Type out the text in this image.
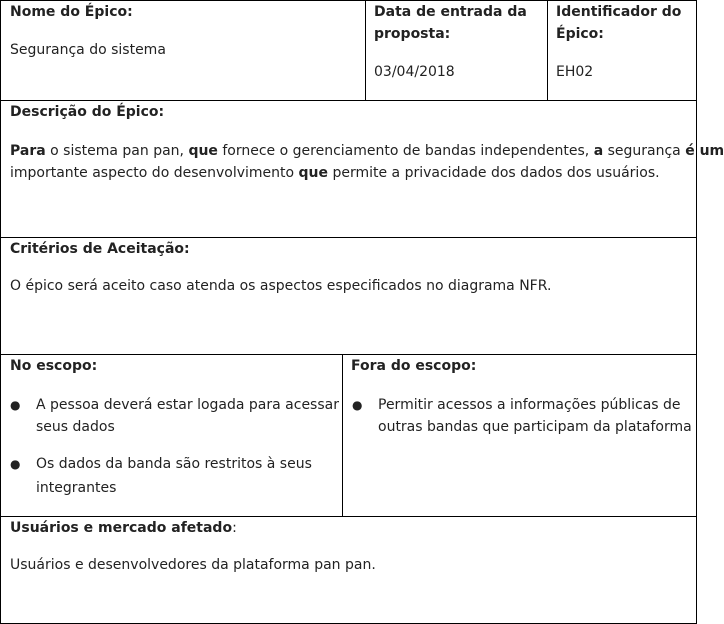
Nome do Épico:
Segurança do sistema
Data de entrada da
proposta:
03/04/2018
Identificador do
Épico:
EH02
Descrição do Épico:
Para o sistema pan pan, que fornece o gerenciamento de bandas independentes, a segurança é um
importante aspecto do desenvolvimento que permite a privacidade dos dados dos usuários.
Critérios de Aceitação:
O épico será aceito caso atenda os aspectos especificados no diagrama NFR.
No escopo:
● A pessoa deverá estar logada para acessar
seus dados
● Os dados da banda são restritos à seus
integrantes
Fora do escopo:
● Permitir acessos a informações públicas de
outras bandas que participam da plataforma
Usuários e mercado afetado:
Usuários e desenvolvedores da plataforma pan pan.
